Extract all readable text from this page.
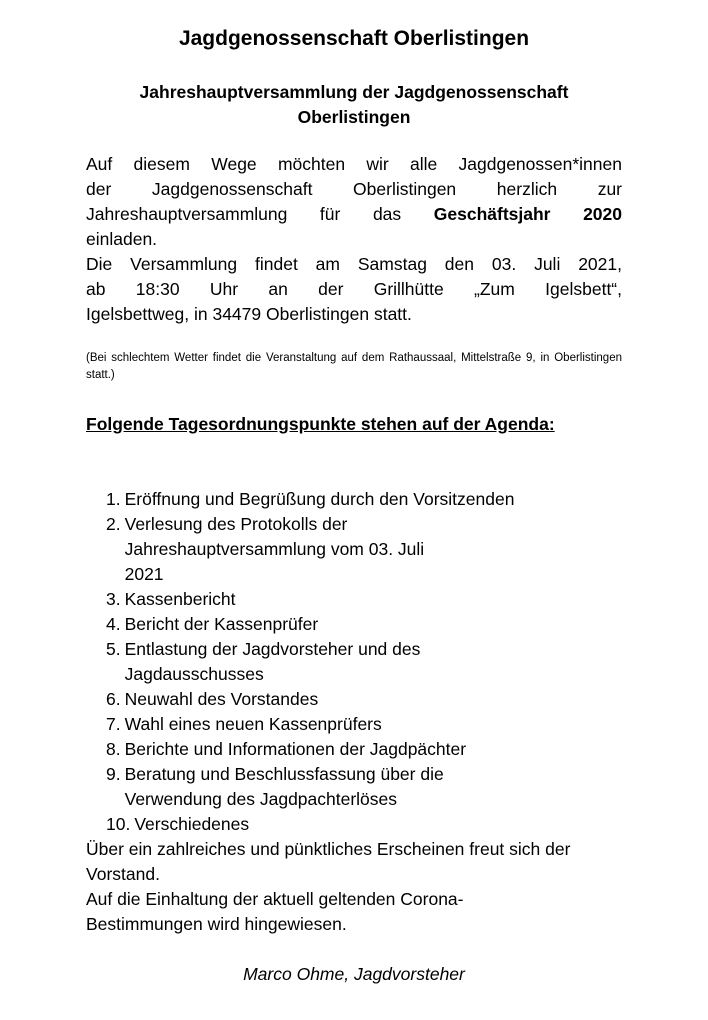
Jagdgenossenschaft Oberlistingen
Jahreshauptversammlung der Jagdgenossenschaft Oberlistingen
Auf diesem Wege möchten wir alle Jagdgenossen*innen
der Jagdgenossenschaft Oberlistingen herzlich zur
Jahreshauptversammlung für das Geschäftsjahr 2020
einladen.
Die Versammlung findet am Samstag den 03. Juli 2021,
ab 18:30 Uhr an der Grillhütte „Zum Igelsbett“,
Igelsbettweg, in 34479 Oberlistingen statt.
(Bei schlechtem Wetter findet die Veranstaltung auf dem Rathaussaal, Mittelstraße 9, in Oberlistingen statt.)
Folgende Tagesordnungspunkte stehen auf der Agenda:
1. Eröffnung und Begrüßung durch den Vorsitzenden
2. Verlesung des Protokolls der Jahreshauptversammlung vom 03. Juli 2021
3. Kassenbericht
4. Bericht der Kassenprüfer
5. Entlastung der Jagdvorsteher und des Jagdausschusses
6. Neuwahl des Vorstandes
7. Wahl eines neuen Kassenprüfers
8. Berichte und Informationen der Jagdpächter
9. Beratung und Beschlussfassung über die Verwendung des Jagdpachterlöses
10. Verschiedenes

Über ein zahlreiches und pünktliches Erscheinen freut sich der Vorstand.

Auf die Einhaltung der aktuell geltenden Corona-Bestimmungen wird hingewiesen.

Marco Ohme, Jagdvorsteher
